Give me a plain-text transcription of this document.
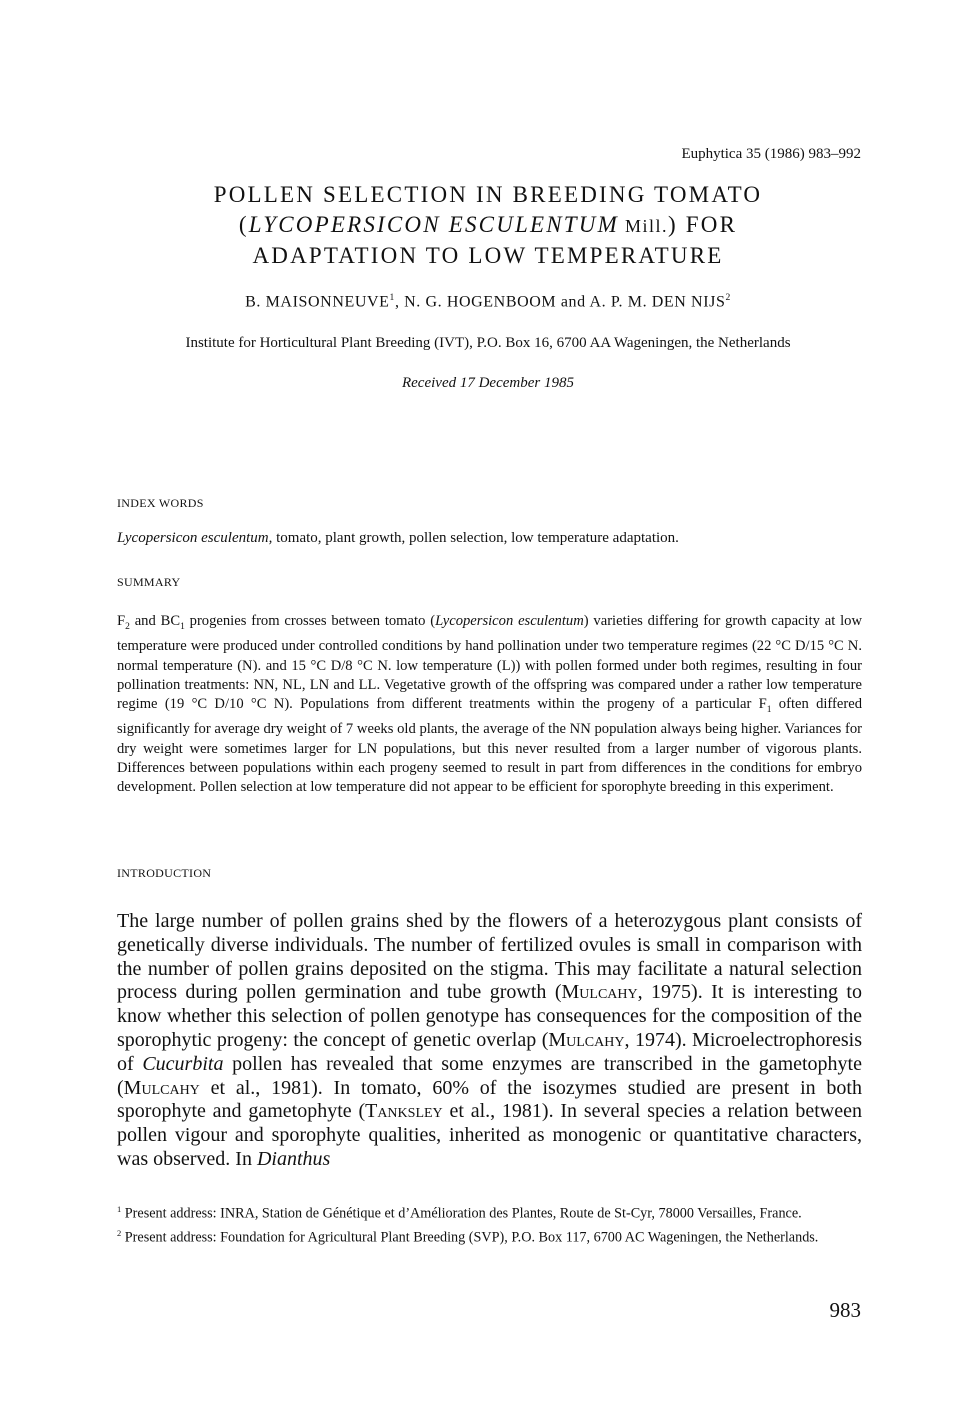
Euphytica 35 (1986) 983–992
POLLEN SELECTION IN BREEDING TOMATO
(LYCOPERSICON ESCULENTUM Mill.) FOR
ADAPTATION TO LOW TEMPERATURE
B. MAISONNEUVE$^1$, N. G. HOGENBOOM and A. P. M. DEN NIJS$^2$
Institute for Horticultural Plant Breeding (IVT), P.O. Box 16, 6700 AA Wageningen, the Netherlands
Received 17 December 1985
INDEX WORDS
Lycopersicon esculentum, tomato, plant growth, pollen selection, low temperature adaptation.
SUMMARY
$F_2$ and $BC_1$ progenies from crosses between tomato (Lycopersicon esculentum) varieties differing for growth capacity at low temperature were produced under controlled conditions by hand pollination under two temperature regimes (22 °C D/15 °C N. normal temperature (N). and 15 °C D/8 °C N. low temperature (L)) with pollen formed under both regimes, resulting in four pollination treatments: NN, NL, LN and LL. Vegetative growth of the offspring was compared under a rather low temperature regime (19 °C D/10 °C N). Populations from different treatments within the progeny of a particular $F_1$ often differed significantly for average dry weight of 7 weeks old plants, the average of the NN population always being higher. Variances for dry weight were sometimes larger for LN populations, but this never resulted from a larger number of vigorous plants. Differences between populations within each progeny seemed to result in part from differences in the conditions for embryo development. Pollen selection at low temperature did not appear to be efficient for sporophyte breeding in this experiment.
INTRODUCTION
The large number of pollen grains shed by the flowers of a heterozygous plant consists of genetically diverse individuals. The number of fertilized ovules is small in comparison with the number of pollen grains deposited on the stigma. This may facilitate a natural selection process during pollen germination and tube growth (Mulcahy, 1975). It is interesting to know whether this selection of pollen genotype has consequences for the composition of the sporophytic progeny: the concept of genetic overlap (Mulcahy, 1974). Microelectrophoresis of Cucurbita pollen has revealed that some enzymes are transcribed in the gametophyte (Mulcahy et al., 1981). In tomato, 60% of the isozymes studied are present in both sporophyte and gametophyte (Tanksley et al., 1981). In several species a relation between pollen vigour and sporophyte qualities, inherited as monogenic or quantitative characters, was observed. In Dianthus

$^1$ Present address: INRA, Station de Génétique et d’Amélioration des Plantes, Route de St-Cyr, 78000 Versailles, France.

$^2$ Present address: Foundation for Agricultural Plant Breeding (SVP), P.O. Box 117, 6700 AC Wageningen, the Netherlands.

983
